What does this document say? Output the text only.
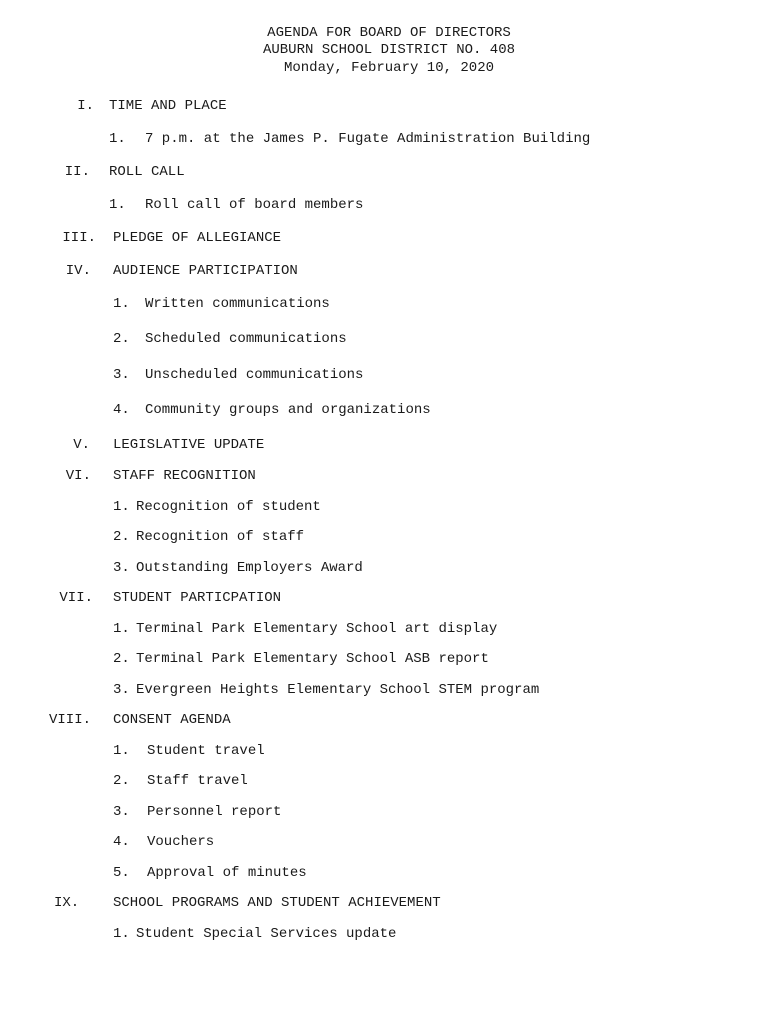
AGENDA FOR BOARD OF DIRECTORS
AUBURN SCHOOL DISTRICT NO. 408
Monday, February 10, 2020
I. TIME AND PLACE
1. 7 p.m. at the James P. Fugate Administration Building
II. ROLL CALL
1. Roll call of board members
III. PLEDGE OF ALLEGIANCE
IV. AUDIENCE PARTICIPATION
1. Written communications
2. Scheduled communications
3. Unscheduled communications
4. Community groups and organizations
V. LEGISLATIVE UPDATE
VI. STAFF RECOGNITION
1. Recognition of student
2. Recognition of staff
3. Outstanding Employers Award
VII. STUDENT PARTICPATION
1. Terminal Park Elementary School art display
2. Terminal Park Elementary School ASB report
3. Evergreen Heights Elementary School STEM program
VIII. CONSENT AGENDA
1. Student travel
2. Staff travel
3. Personnel report
4. Vouchers
5. Approval of minutes
IX. SCHOOL PROGRAMS AND STUDENT ACHIEVEMENT
1. Student Special Services update
